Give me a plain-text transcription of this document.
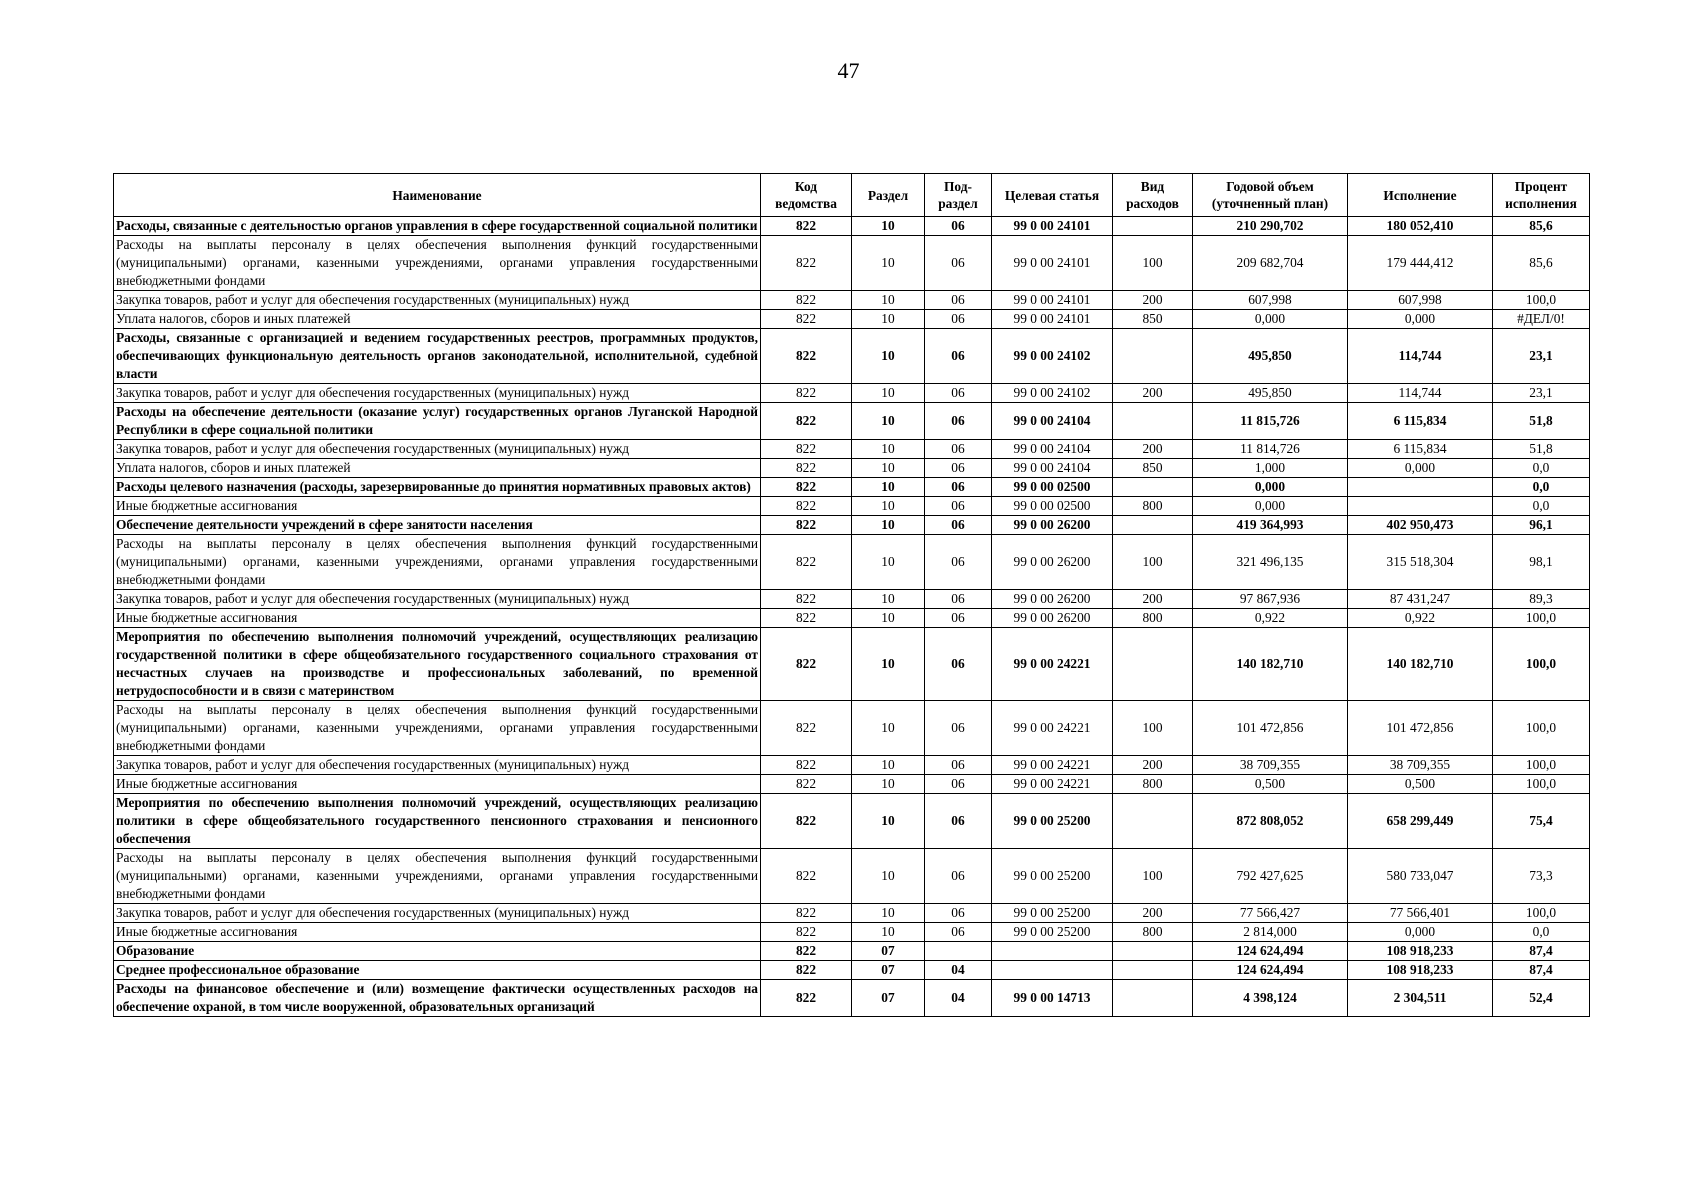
47
Наименование	Код ведомства	Раздел	Под-раздел	Целевая статья	Вид расходов	Годовой объем (уточненный план)	Исполнение	Процент исполнения
Расходы, связанные с деятельностью органов управления в сфере государственной социальной политики	822	10	06	99 0 00 24101		210 290,702	180 052,410	85,6
Расходы на выплаты персоналу в целях обеспечения выполнения функций государственными (муниципальными) органами, казенными учреждениями, органами управления государственными внебюджетными фондами	822	10	06	99 0 00 24101	100	209 682,704	179 444,412	85,6
Закупка товаров, работ и услуг для обеспечения государственных (муниципальных) нужд	822	10	06	99 0 00 24101	200	607,998	607,998	100,0
Уплата налогов, сборов и иных платежей	822	10	06	99 0 00 24101	850	0,000	0,000	#ДЕЛ/0!
Расходы, связанные с организацией и ведением государственных реестров, программных продуктов, обеспечивающих функциональную деятельность органов законодательной, исполнительной, судебной власти	822	10	06	99 0 00 24102		495,850	114,744	23,1
Закупка товаров, работ и услуг для обеспечения государственных (муниципальных) нужд	822	10	06	99 0 00 24102	200	495,850	114,744	23,1
Расходы на обеспечение деятельности (оказание услуг) государственных органов Луганской Народной Республики в сфере социальной политики	822	10	06	99 0 00 24104		11 815,726	6 115,834	51,8
Закупка товаров, работ и услуг для обеспечения государственных (муниципальных) нужд	822	10	06	99 0 00 24104	200	11 814,726	6 115,834	51,8
Уплата налогов, сборов и иных платежей	822	10	06	99 0 00 24104	850	1,000	0,000	0,0
Расходы целевого назначения (расходы, зарезервированные до принятия нормативных правовых актов)	822	10	06	99 0 00 02500		0,000		0,0
Иные бюджетные ассигнования	822	10	06	99 0 00 02500	800	0,000		0,0
Обеспечение деятельности учреждений в сфере занятости населения	822	10	06	99 0 00 26200		419 364,993	402 950,473	96,1
Расходы на выплаты персоналу в целях обеспечения выполнения функций государственными (муниципальными) органами, казенными учреждениями, органами управления государственными внебюджетными фондами	822	10	06	99 0 00 26200	100	321 496,135	315 518,304	98,1
Закупка товаров, работ и услуг для обеспечения государственных (муниципальных) нужд	822	10	06	99 0 00 26200	200	97 867,936	87 431,247	89,3
Иные бюджетные ассигнования	822	10	06	99 0 00 26200	800	0,922	0,922	100,0
Мероприятия по обеспечению выполнения полномочий учреждений, осуществляющих реализацию государственной политики в сфере общеобязательного государственного социального страхования от несчастных случаев на производстве и профессиональных заболеваний, по временной нетрудоспособности и в связи с материнством	822	10	06	99 0 00 24221		140 182,710	140 182,710	100,0
Расходы на выплаты персоналу в целях обеспечения выполнения функций государственными (муниципальными) органами, казенными учреждениями, органами управления государственными внебюджетными фондами	822	10	06	99 0 00 24221	100	101 472,856	101 472,856	100,0
Закупка товаров, работ и услуг для обеспечения государственных (муниципальных) нужд	822	10	06	99 0 00 24221	200	38 709,355	38 709,355	100,0
Иные бюджетные ассигнования	822	10	06	99 0 00 24221	800	0,500	0,500	100,0
Мероприятия по обеспечению выполнения полномочий учреждений, осуществляющих реализацию политики в сфере общеобязательного государственного пенсионного страхования и пенсионного обеспечения	822	10	06	99 0 00 25200		872 808,052	658 299,449	75,4
Расходы на выплаты персоналу в целях обеспечения выполнения функций государственными (муниципальными) органами, казенными учреждениями, органами управления государственными внебюджетными фондами	822	10	06	99 0 00 25200	100	792 427,625	580 733,047	73,3
Закупка товаров, работ и услуг для обеспечения государственных (муниципальных) нужд	822	10	06	99 0 00 25200	200	77 566,427	77 566,401	100,0
Иные бюджетные ассигнования	822	10	06	99 0 00 25200	800	2 814,000	0,000	0,0
Образование	822	07				124 624,494	108 918,233	87,4
Среднее профессиональное образование	822	07	04			124 624,494	108 918,233	87,4
Расходы на финансовое обеспечение и (или) возмещение фактически осуществленных расходов на обеспечение охраной, в том числе вооруженной, образовательных организаций	822	07	04	99 0 00 14713		4 398,124	2 304,511	52,4
